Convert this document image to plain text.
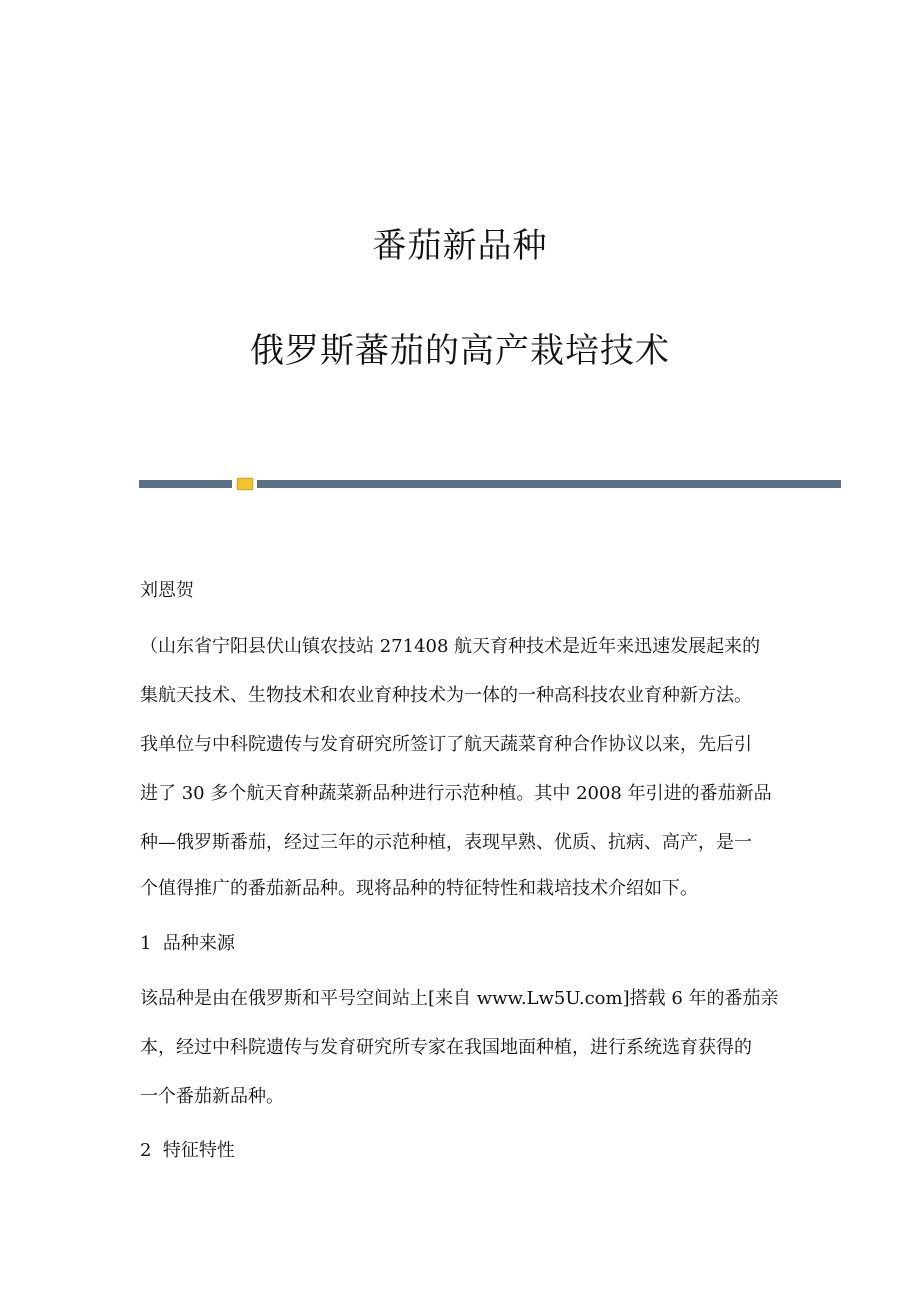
番茄新品种
俄罗斯蕃茄的高产栽培技术
刘恩贺
（山东省宁阳县伏山镇农技站 271408 航天育种技术是近年来迅速发展起来的
集航天技术、生物技术和农业育种技术为一体的一种高科技农业育种新方法。
我单位与中科院遗传与发育研究所签订了航天蔬菜育种合作协议以来，先后引
进了 30 多个航天育种蔬菜新品种进行示范种植。其中 2008 年引进的番茄新品
种—俄罗斯番茄，经过三年的示范种植，表现早熟、优质、抗病、高产，是一
个值得推广的番茄新品种。现将品种的特征特性和栽培技术介绍如下。
1  品种来源
该品种是由在俄罗斯和平号空间站上[来自 www.Lw5U.com]搭载 6 年的番茄亲
本，经过中科院遗传与发育研究所专家在我国地面种植，进行系统选育获得的
一个番茄新品种。
2  特征特性
